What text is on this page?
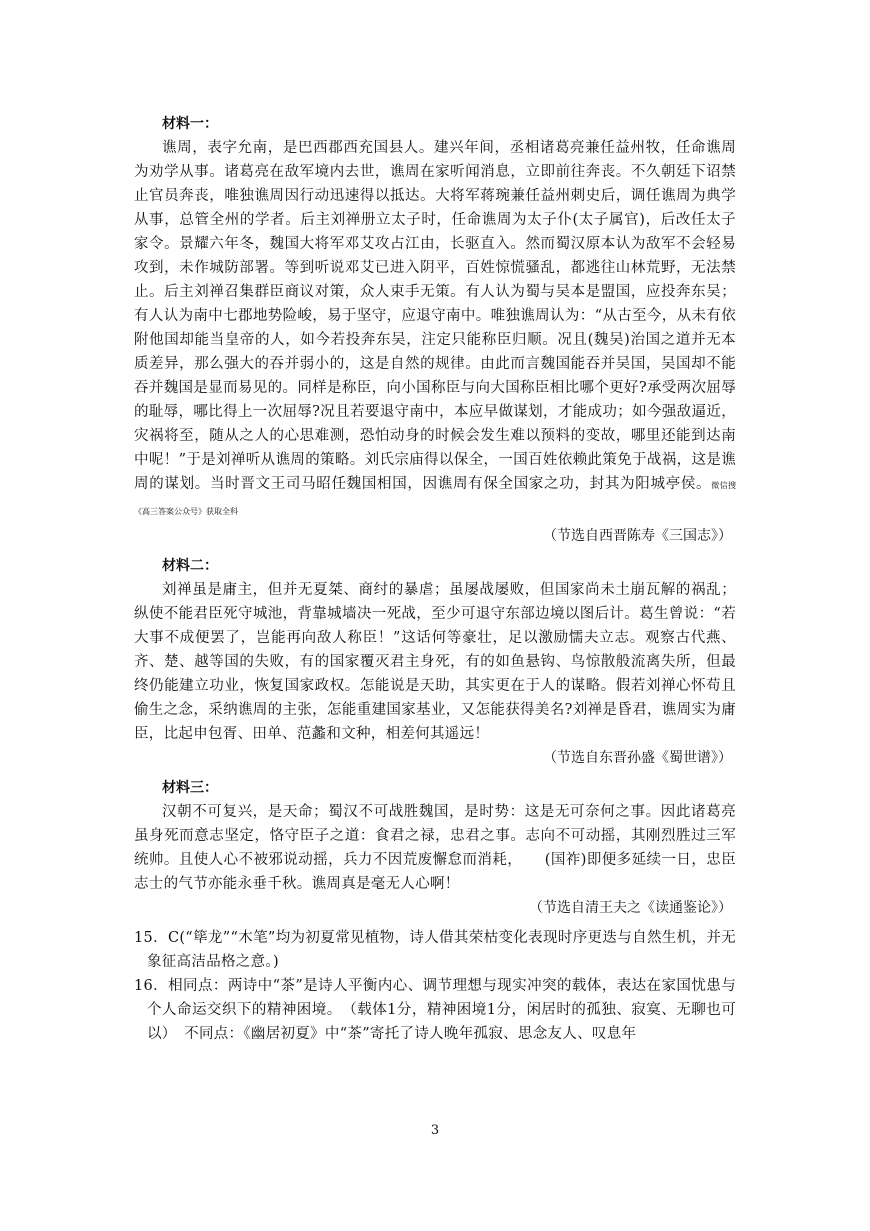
材料一：

谯周，表字允南，是巴西郡西充国县人。建兴年间，丞相诸葛亮兼任益州牧，任命谯周为劝学从事。诸葛亮在敌军境内去世，谯周在家听闻消息，立即前往奔丧。不久朝廷下诏禁止官员奔丧，唯独谯周因行动迅速得以抵达。大将军蒋琬兼任益州刺史后，调任谯周为典学从事，总管全州的学者。后主刘禅册立太子时，任命谯周为太子仆(太子属官)，后改任太子家令。景耀六年冬，魏国大将军邓艾攻占江由，长驱直入。然而蜀汉原本认为敌军不会轻易攻到，未作城防部署。等到听说邓艾已进入阴平，百姓惊慌骚乱，都逃往山林荒野，无法禁止。后主刘禅召集群臣商议对策，众人束手无策。有人认为蜀与吴本是盟国，应投奔东吴；有人认为南中七郡地势险峻，易于坚守，应退守南中。唯独谯周认为：“从古至今，从未有依附他国却能当皇帝的人，如今若投奔东吴，注定只能称臣归顺。况且(魏吴)治国之道并无本质差异，那么强大的吞并弱小的，这是自然的规律。由此而言魏国能吞并吴国，吴国却不能吞并魏国是显而易见的。同样是称臣，向小国称臣与向大国称臣相比哪个更好?承受两次屈辱的耻辱，哪比得上一次屈辱?况且若要退守南中，本应早做谋划，才能成功；如今强敌逼近，灾祸将至，随从之人的心思难测，恐怕动身的时候会发生难以预料的变故，哪里还能到达南中呢！”于是刘禅听从谯周的策略。刘氏宗庙得以保全，一国百姓依赖此策免于战祸，这是谯周的谋划。当时晋文王司马昭任魏国相国，因谯周有保全国家之功，封其为阳城亭侯。微信搜《高三答案公众号》获取全科

（节选自西晋陈寿《三国志》）
材料二：

刘禅虽是庸主，但并无夏桀、商纣的暴虐；虽屡战屡败，但国家尚未土崩瓦解的祸乱；纵使不能君臣死守城池，背靠城墙决一死战，至少可退守东部边境以图后计。葛生曾说：“若大事不成便罢了，岂能再向敌人称臣！”这话何等豪壮，足以激励懦夫立志。观察古代燕、齐、楚、越等国的失败，有的国家覆灭君主身死，有的如鱼悬钩、鸟惊散般流离失所，但最终仍能建立功业，恢复国家政权。怎能说是天助，其实更在于人的谋略。假若刘禅心怀苟且偷生之念，采纳谯周的主张，怎能重建国家基业，又怎能获得美名?刘禅是昏君，谯周实为庸臣，比起申包胥、田单、范蠡和文种，相差何其遥远！

（节选自东晋孙盛《蜀世谱》）
材料三：

汉朝不可复兴，是天命；蜀汉不可战胜魏国，是时势：这是无可奈何之事。因此诸葛亮虽身死而意志坚定，恪守臣子之道：食君之禄，忠君之事。志向不可动摇，其刚烈胜过三军统帅。且使人心不被邪说动摇，兵力不因荒废懈怠而消耗，　　(国祚)即便多延续一日，忠臣志士的气节亦能永垂千秋。谯周真是毫无人心啊！

（节选自清王夫之《读通鉴论》）

15．C(“筚龙”“木笔”均为初夏常见植物，诗人借其荣枯变化表现时序更迭与自然生机，并无象征高洁品格之意。)

16．相同点：两诗中“茶”是诗人平衡内心、调节理想与现实冲突的载体，表达在家国忧患与个人命运交织下的精神困境。　（载体1分，精神困境1分，闲居时的孤独、寂寞、无聊也可以）　不同点：《幽居初夏》中“茶”寄托了诗人晚年孤寂、思念友人、叹息年

3
